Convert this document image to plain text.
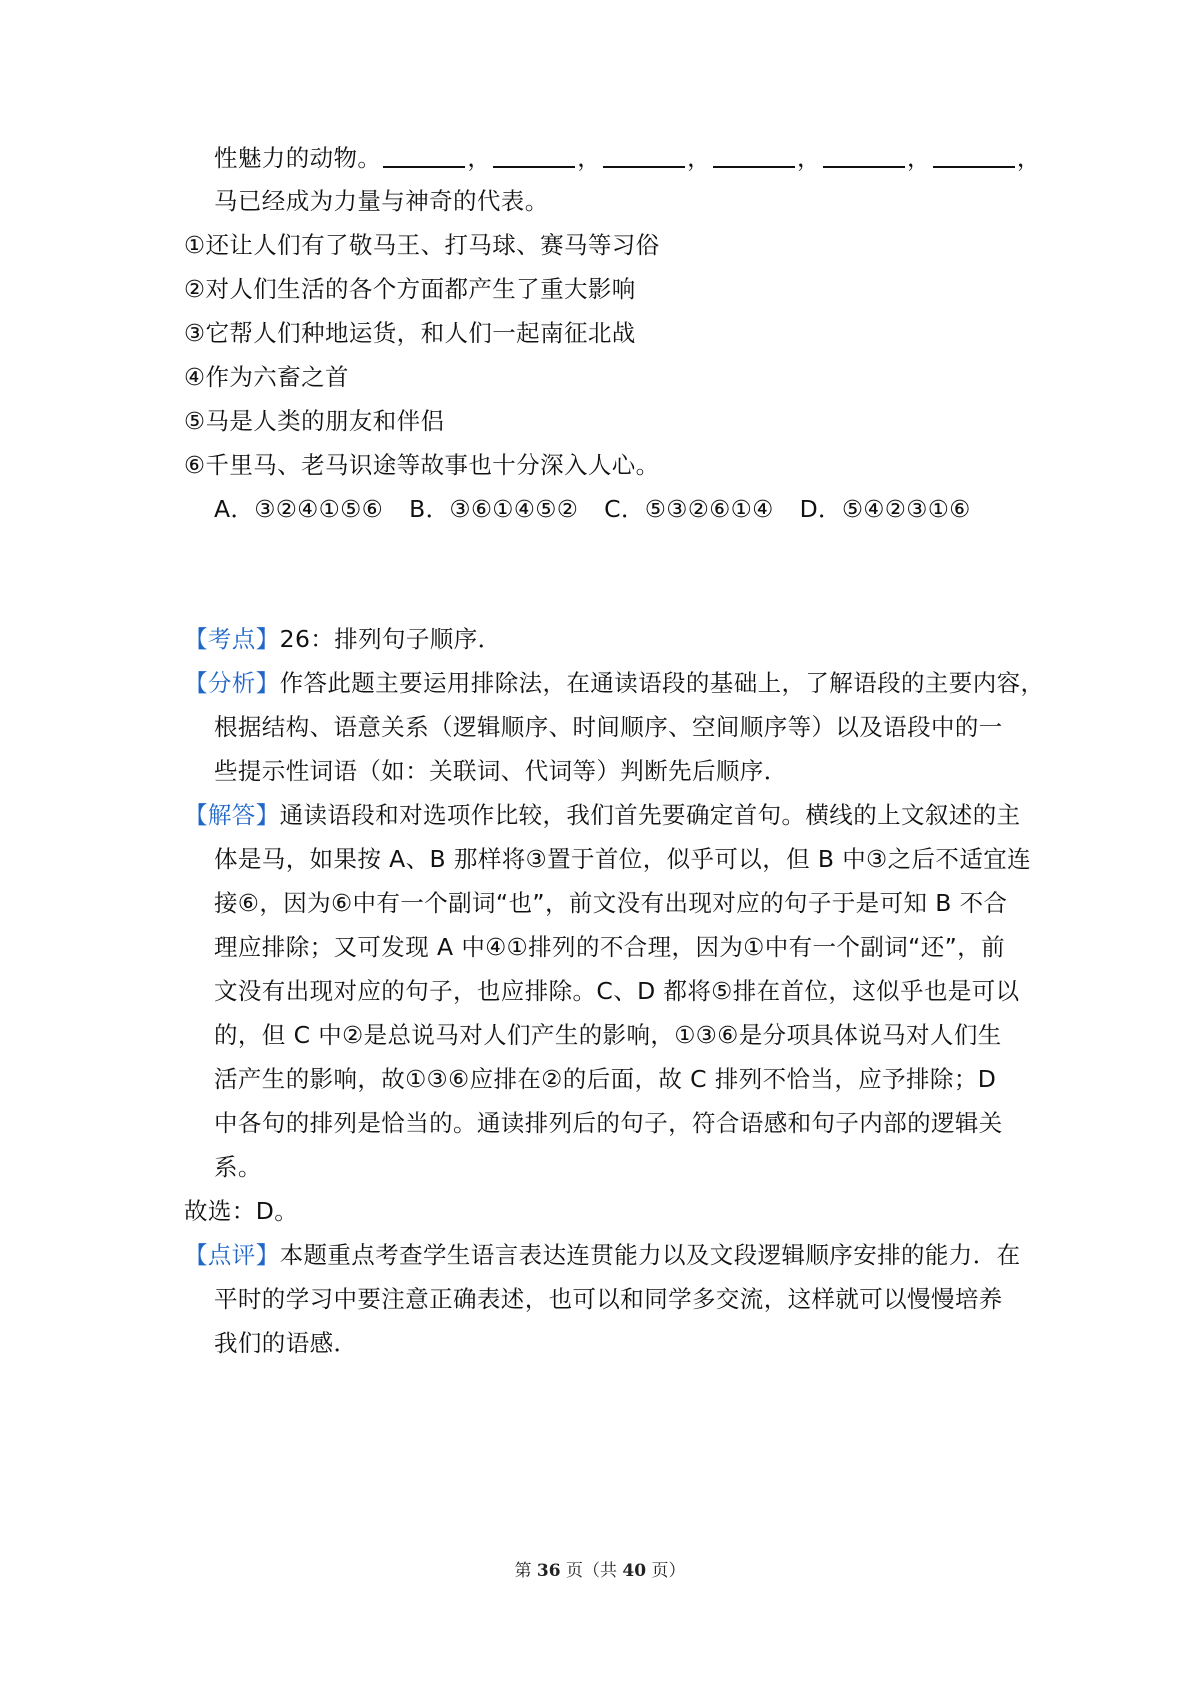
性魅力的动物。	，	，	，	，	，	，
马已经成为力量与神奇的代表。
①还让人们有了敬马王、打马球、赛马等习俗
②对人们生活的各个方面都产生了重大影响
③它帮人们种地运货，和人们一起南征北战
④作为六畜之首
⑤马是人类的朋友和伴侣
⑥千里马、老马识途等故事也十分深入人心。
A．③②④①⑤⑥ B．③⑥①④⑤② C．⑤③②⑥①④ D．⑤④②③①⑥
【考点】26：排列句子顺序．
【分析】作答此题主要运用排除法，在通读语段的基础上，了解语段的主要内容，
根据结构、语意关系（逻辑顺序、时间顺序、空间顺序等）以及语段中的一
些提示性词语（如：关联词、代词等）判断先后顺序．
【解答】通读语段和对选项作比较，我们首先要确定首句。横线的上文叙述的主
体是马，如果按 A、B 那样将③置于首位，似乎可以，但 B 中③之后不适宜连
接⑥，因为⑥中有一个副词“也”，前文没有出现对应的句子于是可知 B 不合
理应排除；又可发现 A 中④①排列的不合理，因为①中有一个副词“还”，前
文没有出现对应的句子，也应排除。C、D 都将⑤排在首位，这似乎也是可以
的，但 C 中②是总说马对人们产生的影响，①③⑥是分项具体说马对人们生
活产生的影响，故①③⑥应排在②的后面，故 C 排列不恰当，应予排除；D
中各句的排列是恰当的。通读排列后的句子，符合语感和句子内部的逻辑关
系。
故选：D。
【点评】本题重点考查学生语言表达连贯能力以及文段逻辑顺序安排的能力．在
平时的学习中要注意正确表述，也可以和同学多交流，这样就可以慢慢培养
我们的语感．
第 36 页（共 40 页）
